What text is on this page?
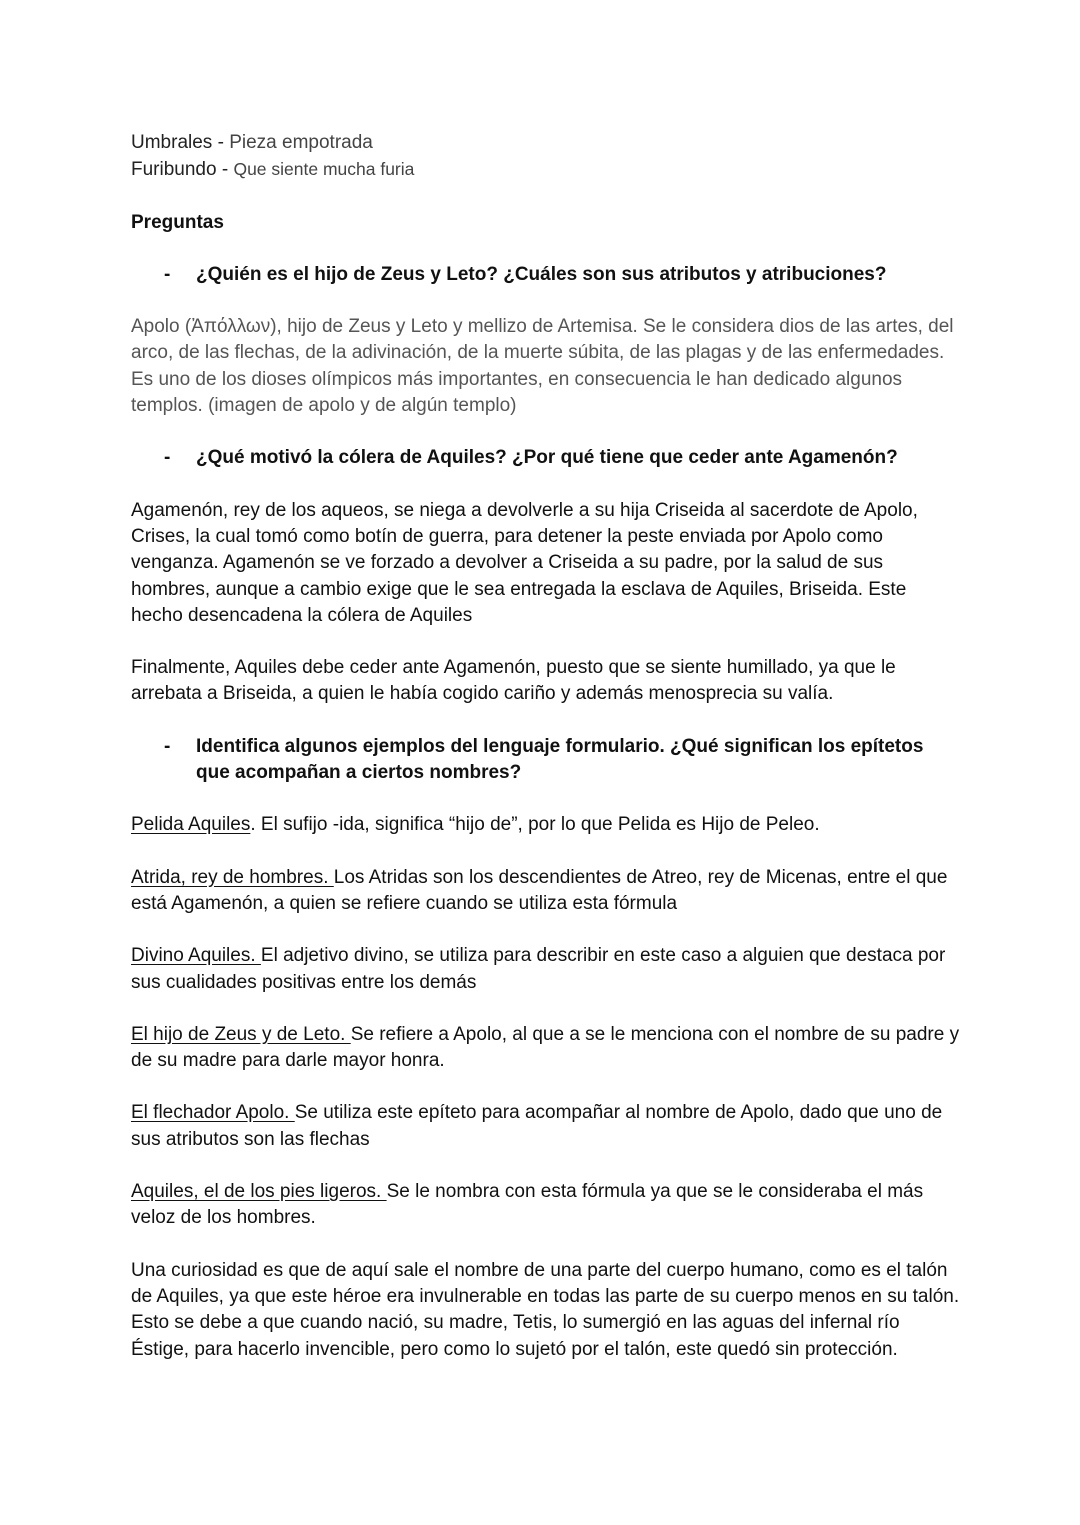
Umbrales - Pieza empotrada
Furibundo - Que siente mucha furia
Preguntas
-	¿Quién es el hijo de Zeus y Leto? ¿Cuáles son sus atributos y atribuciones?

Apolo (Ἀπόλλων), hijo de Zeus y Leto y mellizo de Artemisa. Se le considera dios de las artes, del arco, de las flechas, de la adivinación, de la muerte súbita, de las plagas y de las enfermedades. Es uno de los dioses olímpicos más importantes, en consecuencia le han dedicado algunos templos. (imagen de apolo y de algún templo)

-	¿Qué motivó la cólera de Aquiles? ¿Por qué tiene que ceder ante Agamenón?

Agamenón, rey de los aqueos, se niega a devolverle a su hija Criseida al sacerdote de Apolo, Crises, la cual tomó como botín de guerra, para detener la peste enviada por Apolo como venganza. Agamenón se ve forzado a devolver a Criseida a su padre, por la salud de sus hombres, aunque a cambio exige que le sea entregada la esclava de Aquiles, Briseida. Este hecho desencadena la cólera de Aquiles

Finalmente, Aquiles debe ceder ante Agamenón, puesto que se siente humillado, ya que le arrebata a Briseida, a quien le había cogido cariño y además menosprecia su valía.

-	Identifica algunos ejemplos del lenguaje formulario. ¿Qué significan los epítetos que acompañan a ciertos nombres?

Pelida Aquiles. El sufijo -ida, significa “hijo de”, por lo que Pelida es Hijo de Peleo.

Atrida, rey de hombres. Los Atridas son los descendientes de Atreo, rey de Micenas, entre el que está Agamenón, a quien se refiere cuando se utiliza esta fórmula

Divino Aquiles. El adjetivo divino, se utiliza para describir en este caso a alguien que destaca por sus cualidades positivas entre los demás

El hijo de Zeus y de Leto. Se refiere a Apolo, al que a se le menciona con el nombre de su padre y de su madre para darle mayor honra.

El flechador Apolo. Se utiliza este epíteto para acompañar al nombre de Apolo, dado que uno de sus atributos son las flechas

Aquiles, el de los pies ligeros. Se le nombra con esta fórmula ya que se le consideraba el más veloz de los hombres.

Una curiosidad es que de aquí sale el nombre de una parte del cuerpo humano, como es el talón de Aquiles, ya que este héroe era invulnerable en todas las parte de su cuerpo menos en su talón. Esto se debe a que cuando nació, su madre, Tetis, lo sumergió en las aguas del infernal río Éstige, para hacerlo invencible, pero como lo sujetó por el talón, este quedó sin protección.
